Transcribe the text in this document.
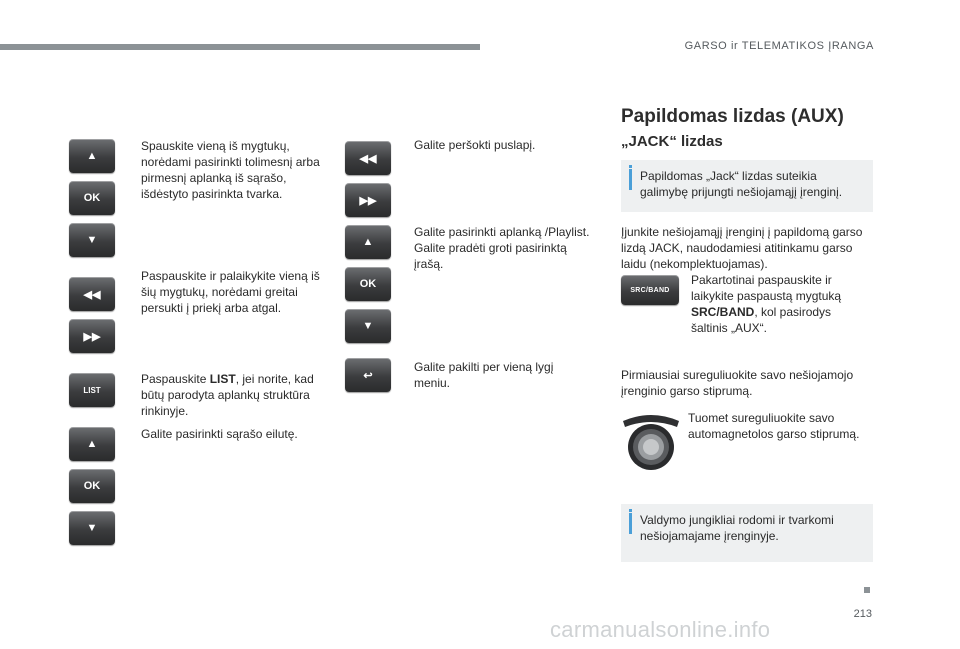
GARSO ir TELEMATIKOS ĮRANGA
▲
OK
▼
◀◀
▶▶
LIST
▲
OK
▼
Spauskite vieną iš mygtukų, norėdami pasirinkti tolimesnį arba pirmesnį aplanką iš sąrašo, išdėstyto pasirinkta tvarka.
Paspauskite ir palaikykite vieną iš šių mygtukų, norėdami greitai persukti į priekį arba atgal.
Paspauskite LIST, jei norite, kad būtų parodyta aplankų struktūra rinkinyje.
Galite pasirinkti sąrašo eilutę.
◀◀
▶▶
▲
OK
▼
↩
Galite peršokti puslapį.
Galite pasirinkti aplanką /Playlist. Galite pradėti groti pasirinktą įrašą.
Galite pakilti per vieną lygį meniu.
Papildomas lizdas (AUX)
„JACK“ lizdas
Papildomas „Jack“ lizdas suteikia galimybę prijungti nešiojamąjį įrenginį.
Įjunkite nešiojamąjį įrenginį į papildomą garso lizdą JACK, naudodamiesi atitinkamu garso laidu (nekomplektuojamas).
SRC/BAND
Pakartotinai paspauskite ir laikykite paspaustą mygtuką SRC/BAND, kol pasirodys šaltinis „AUX“.
Pirmiausiai sureguliuokite savo nešiojamojo įrenginio garso stiprumą.
Tuomet sureguliuokite savo automagnetolos garso stiprumą.
Valdymo jungikliai rodomi ir tvarkomi nešiojamajame įrenginyje.
213
carmanualsonline.info
